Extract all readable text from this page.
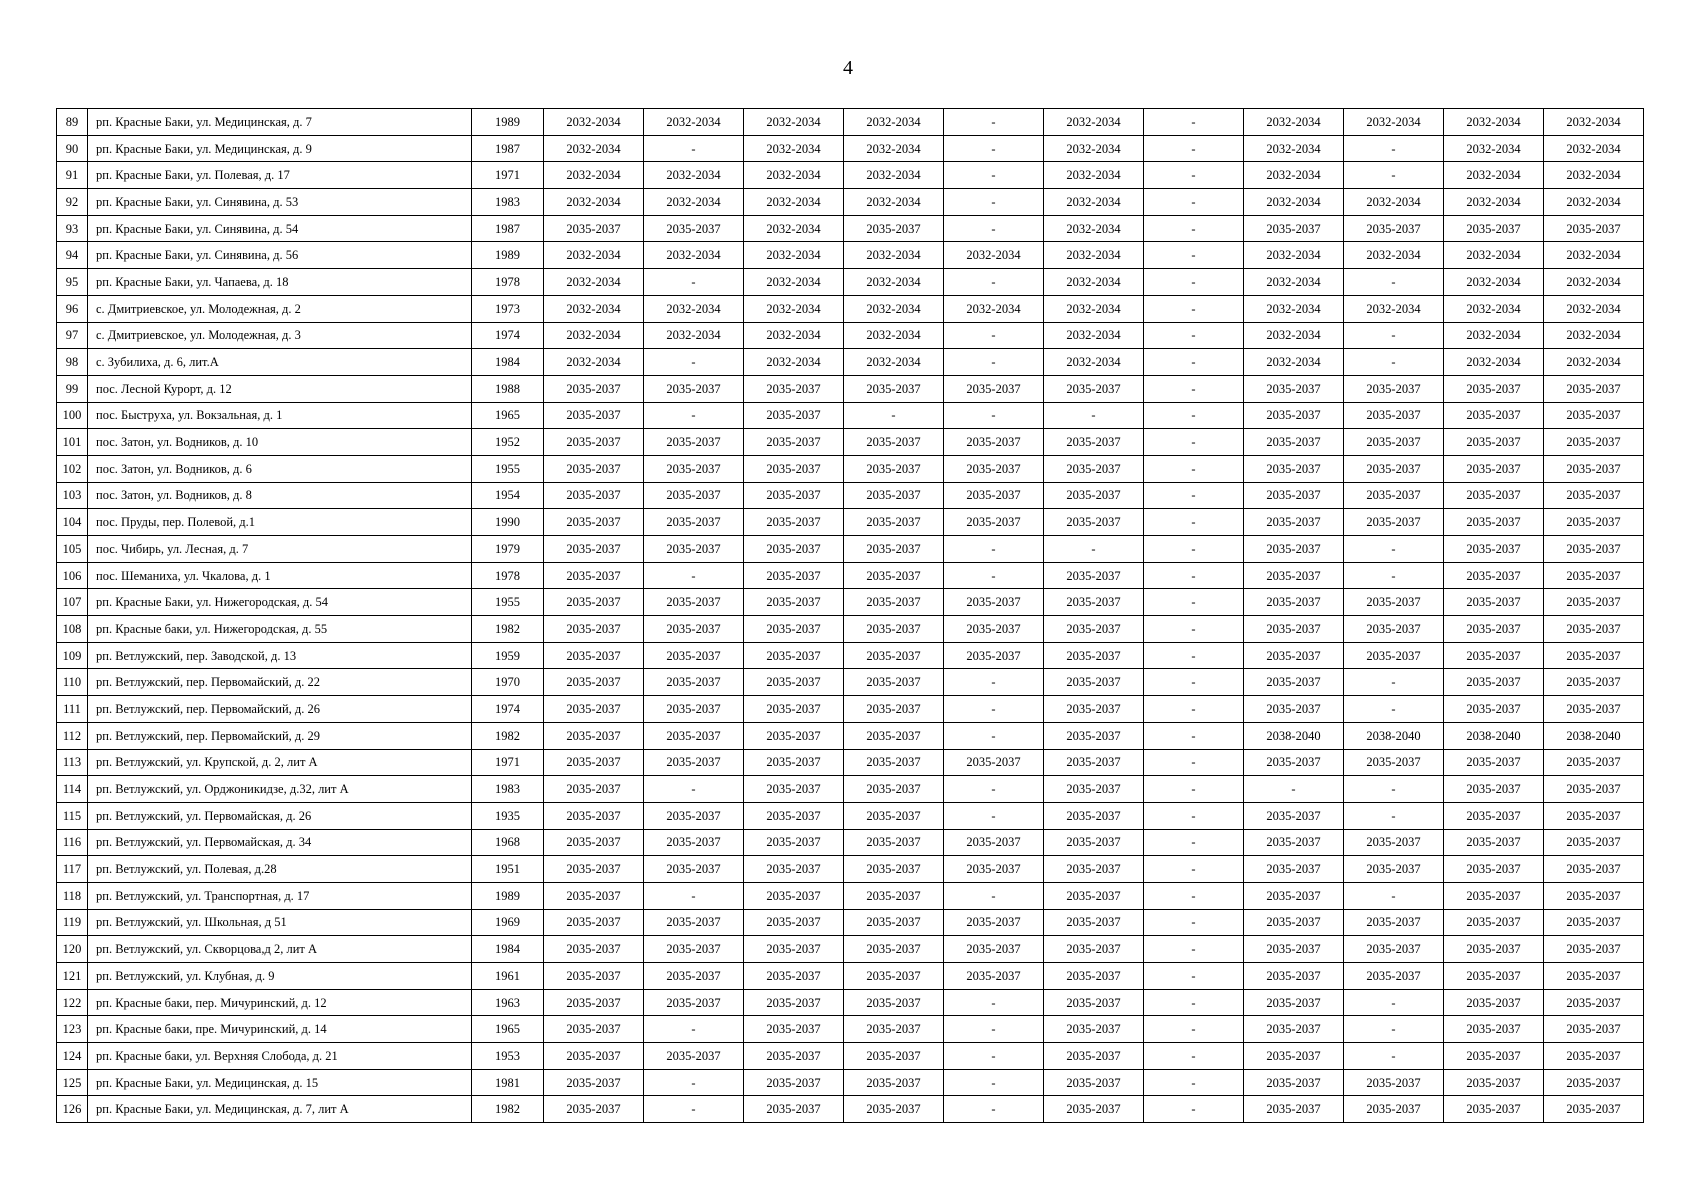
4
89	рп. Красные Баки, ул. Медицинская, д. 7	1989	2032-2034	2032-2034	2032-2034	2032-2034	-	2032-2034	-	2032-2034	2032-2034	2032-2034	2032-2034
90	рп. Красные Баки, ул. Медицинская, д. 9	1987	2032-2034	-	2032-2034	2032-2034	-	2032-2034	-	2032-2034	-	2032-2034	2032-2034
91	рп. Красные Баки, ул. Полевая, д. 17	1971	2032-2034	2032-2034	2032-2034	2032-2034	-	2032-2034	-	2032-2034	-	2032-2034	2032-2034
92	рп. Красные Баки, ул. Синявина, д. 53	1983	2032-2034	2032-2034	2032-2034	2032-2034	-	2032-2034	-	2032-2034	2032-2034	2032-2034	2032-2034
93	рп. Красные Баки, ул. Синявина, д. 54	1987	2035-2037	2035-2037	2032-2034	2035-2037	-	2032-2034	-	2035-2037	2035-2037	2035-2037	2035-2037
94	рп. Красные Баки, ул. Синявина, д. 56	1989	2032-2034	2032-2034	2032-2034	2032-2034	2032-2034	2032-2034	-	2032-2034	2032-2034	2032-2034	2032-2034
95	рп. Красные Баки, ул. Чапаева, д. 18	1978	2032-2034	-	2032-2034	2032-2034	-	2032-2034	-	2032-2034	-	2032-2034	2032-2034
96	с. Дмитриевское, ул. Молодежная, д. 2	1973	2032-2034	2032-2034	2032-2034	2032-2034	2032-2034	2032-2034	-	2032-2034	2032-2034	2032-2034	2032-2034
97	с. Дмитриевское, ул. Молодежная, д. 3	1974	2032-2034	2032-2034	2032-2034	2032-2034	-	2032-2034	-	2032-2034	-	2032-2034	2032-2034
98	с. Зубилиха, д. 6, лит.А	1984	2032-2034	-	2032-2034	2032-2034	-	2032-2034	-	2032-2034	-	2032-2034	2032-2034
99	пос. Лесной Курорт, д. 12	1988	2035-2037	2035-2037	2035-2037	2035-2037	2035-2037	2035-2037	-	2035-2037	2035-2037	2035-2037	2035-2037
100	пос. Быструха, ул. Вокзальная, д. 1	1965	2035-2037	-	2035-2037	-	-	-	-	2035-2037	2035-2037	2035-2037	2035-2037
101	пос. Затон, ул. Водников, д. 10	1952	2035-2037	2035-2037	2035-2037	2035-2037	2035-2037	2035-2037	-	2035-2037	2035-2037	2035-2037	2035-2037
102	пос. Затон, ул. Водников, д. 6	1955	2035-2037	2035-2037	2035-2037	2035-2037	2035-2037	2035-2037	-	2035-2037	2035-2037	2035-2037	2035-2037
103	пос. Затон, ул. Водников, д. 8	1954	2035-2037	2035-2037	2035-2037	2035-2037	2035-2037	2035-2037	-	2035-2037	2035-2037	2035-2037	2035-2037
104	пос. Пруды, пер. Полевой, д.1	1990	2035-2037	2035-2037	2035-2037	2035-2037	2035-2037	2035-2037	-	2035-2037	2035-2037	2035-2037	2035-2037
105	пос. Чибирь, ул. Лесная, д. 7	1979	2035-2037	2035-2037	2035-2037	2035-2037	-	-	-	2035-2037	-	2035-2037	2035-2037
106	пос. Шеманиха, ул. Чкалова, д. 1	1978	2035-2037	-	2035-2037	2035-2037	-	2035-2037	-	2035-2037	-	2035-2037	2035-2037
107	рп. Красные Баки, ул. Нижегородская, д. 54	1955	2035-2037	2035-2037	2035-2037	2035-2037	2035-2037	2035-2037	-	2035-2037	2035-2037	2035-2037	2035-2037
108	рп. Красные баки, ул. Нижегородская, д. 55	1982	2035-2037	2035-2037	2035-2037	2035-2037	2035-2037	2035-2037	-	2035-2037	2035-2037	2035-2037	2035-2037
109	рп. Ветлужский, пер. Заводской, д. 13	1959	2035-2037	2035-2037	2035-2037	2035-2037	2035-2037	2035-2037	-	2035-2037	2035-2037	2035-2037	2035-2037
110	рп. Ветлужский, пер. Первомайский, д. 22	1970	2035-2037	2035-2037	2035-2037	2035-2037	-	2035-2037	-	2035-2037	-	2035-2037	2035-2037
111	рп. Ветлужский, пер. Первомайский, д. 26	1974	2035-2037	2035-2037	2035-2037	2035-2037	-	2035-2037	-	2035-2037	-	2035-2037	2035-2037
112	рп. Ветлужский, пер. Первомайский, д. 29	1982	2035-2037	2035-2037	2035-2037	2035-2037	-	2035-2037	-	2038-2040	2038-2040	2038-2040	2038-2040
113	рп. Ветлужский, ул. Крупской, д. 2, лит А	1971	2035-2037	2035-2037	2035-2037	2035-2037	2035-2037	2035-2037	-	2035-2037	2035-2037	2035-2037	2035-2037
114	рп. Ветлужский, ул. Орджоникидзе, д.32, лит А	1983	2035-2037	-	2035-2037	2035-2037	-	2035-2037	-	-	-	2035-2037	2035-2037
115	рп. Ветлужский, ул. Первомайская, д. 26	1935	2035-2037	2035-2037	2035-2037	2035-2037	-	2035-2037	-	2035-2037	-	2035-2037	2035-2037
116	рп. Ветлужский, ул. Первомайская, д. 34	1968	2035-2037	2035-2037	2035-2037	2035-2037	2035-2037	2035-2037	-	2035-2037	2035-2037	2035-2037	2035-2037
117	рп. Ветлужский, ул. Полевая, д.28	1951	2035-2037	2035-2037	2035-2037	2035-2037	2035-2037	2035-2037	-	2035-2037	2035-2037	2035-2037	2035-2037
118	рп. Ветлужский, ул. Транспортная, д. 17	1989	2035-2037	-	2035-2037	2035-2037	-	2035-2037	-	2035-2037	-	2035-2037	2035-2037
119	рп. Ветлужский, ул. Школьная, д 51	1969	2035-2037	2035-2037	2035-2037	2035-2037	2035-2037	2035-2037	-	2035-2037	2035-2037	2035-2037	2035-2037
120	рп. Ветлужский, ул. Скворцова,д 2, лит А	1984	2035-2037	2035-2037	2035-2037	2035-2037	2035-2037	2035-2037	-	2035-2037	2035-2037	2035-2037	2035-2037
121	рп. Ветлужский, ул. Клубная, д. 9	1961	2035-2037	2035-2037	2035-2037	2035-2037	2035-2037	2035-2037	-	2035-2037	2035-2037	2035-2037	2035-2037
122	рп. Красные баки, пер. Мичуринский, д. 12	1963	2035-2037	2035-2037	2035-2037	2035-2037	-	2035-2037	-	2035-2037	-	2035-2037	2035-2037
123	рп. Красные баки, пре. Мичуринский, д. 14	1965	2035-2037	-	2035-2037	2035-2037	-	2035-2037	-	2035-2037	-	2035-2037	2035-2037
124	рп. Красные баки, ул. Верхняя Слобода, д. 21	1953	2035-2037	2035-2037	2035-2037	2035-2037	-	2035-2037	-	2035-2037	-	2035-2037	2035-2037
125	рп. Красные Баки, ул. Медицинская, д. 15	1981	2035-2037	-	2035-2037	2035-2037	-	2035-2037	-	2035-2037	2035-2037	2035-2037	2035-2037
126	рп. Красные Баки, ул. Медицинская, д. 7, лит А	1982	2035-2037	-	2035-2037	2035-2037	-	2035-2037	-	2035-2037	2035-2037	2035-2037	2035-2037
